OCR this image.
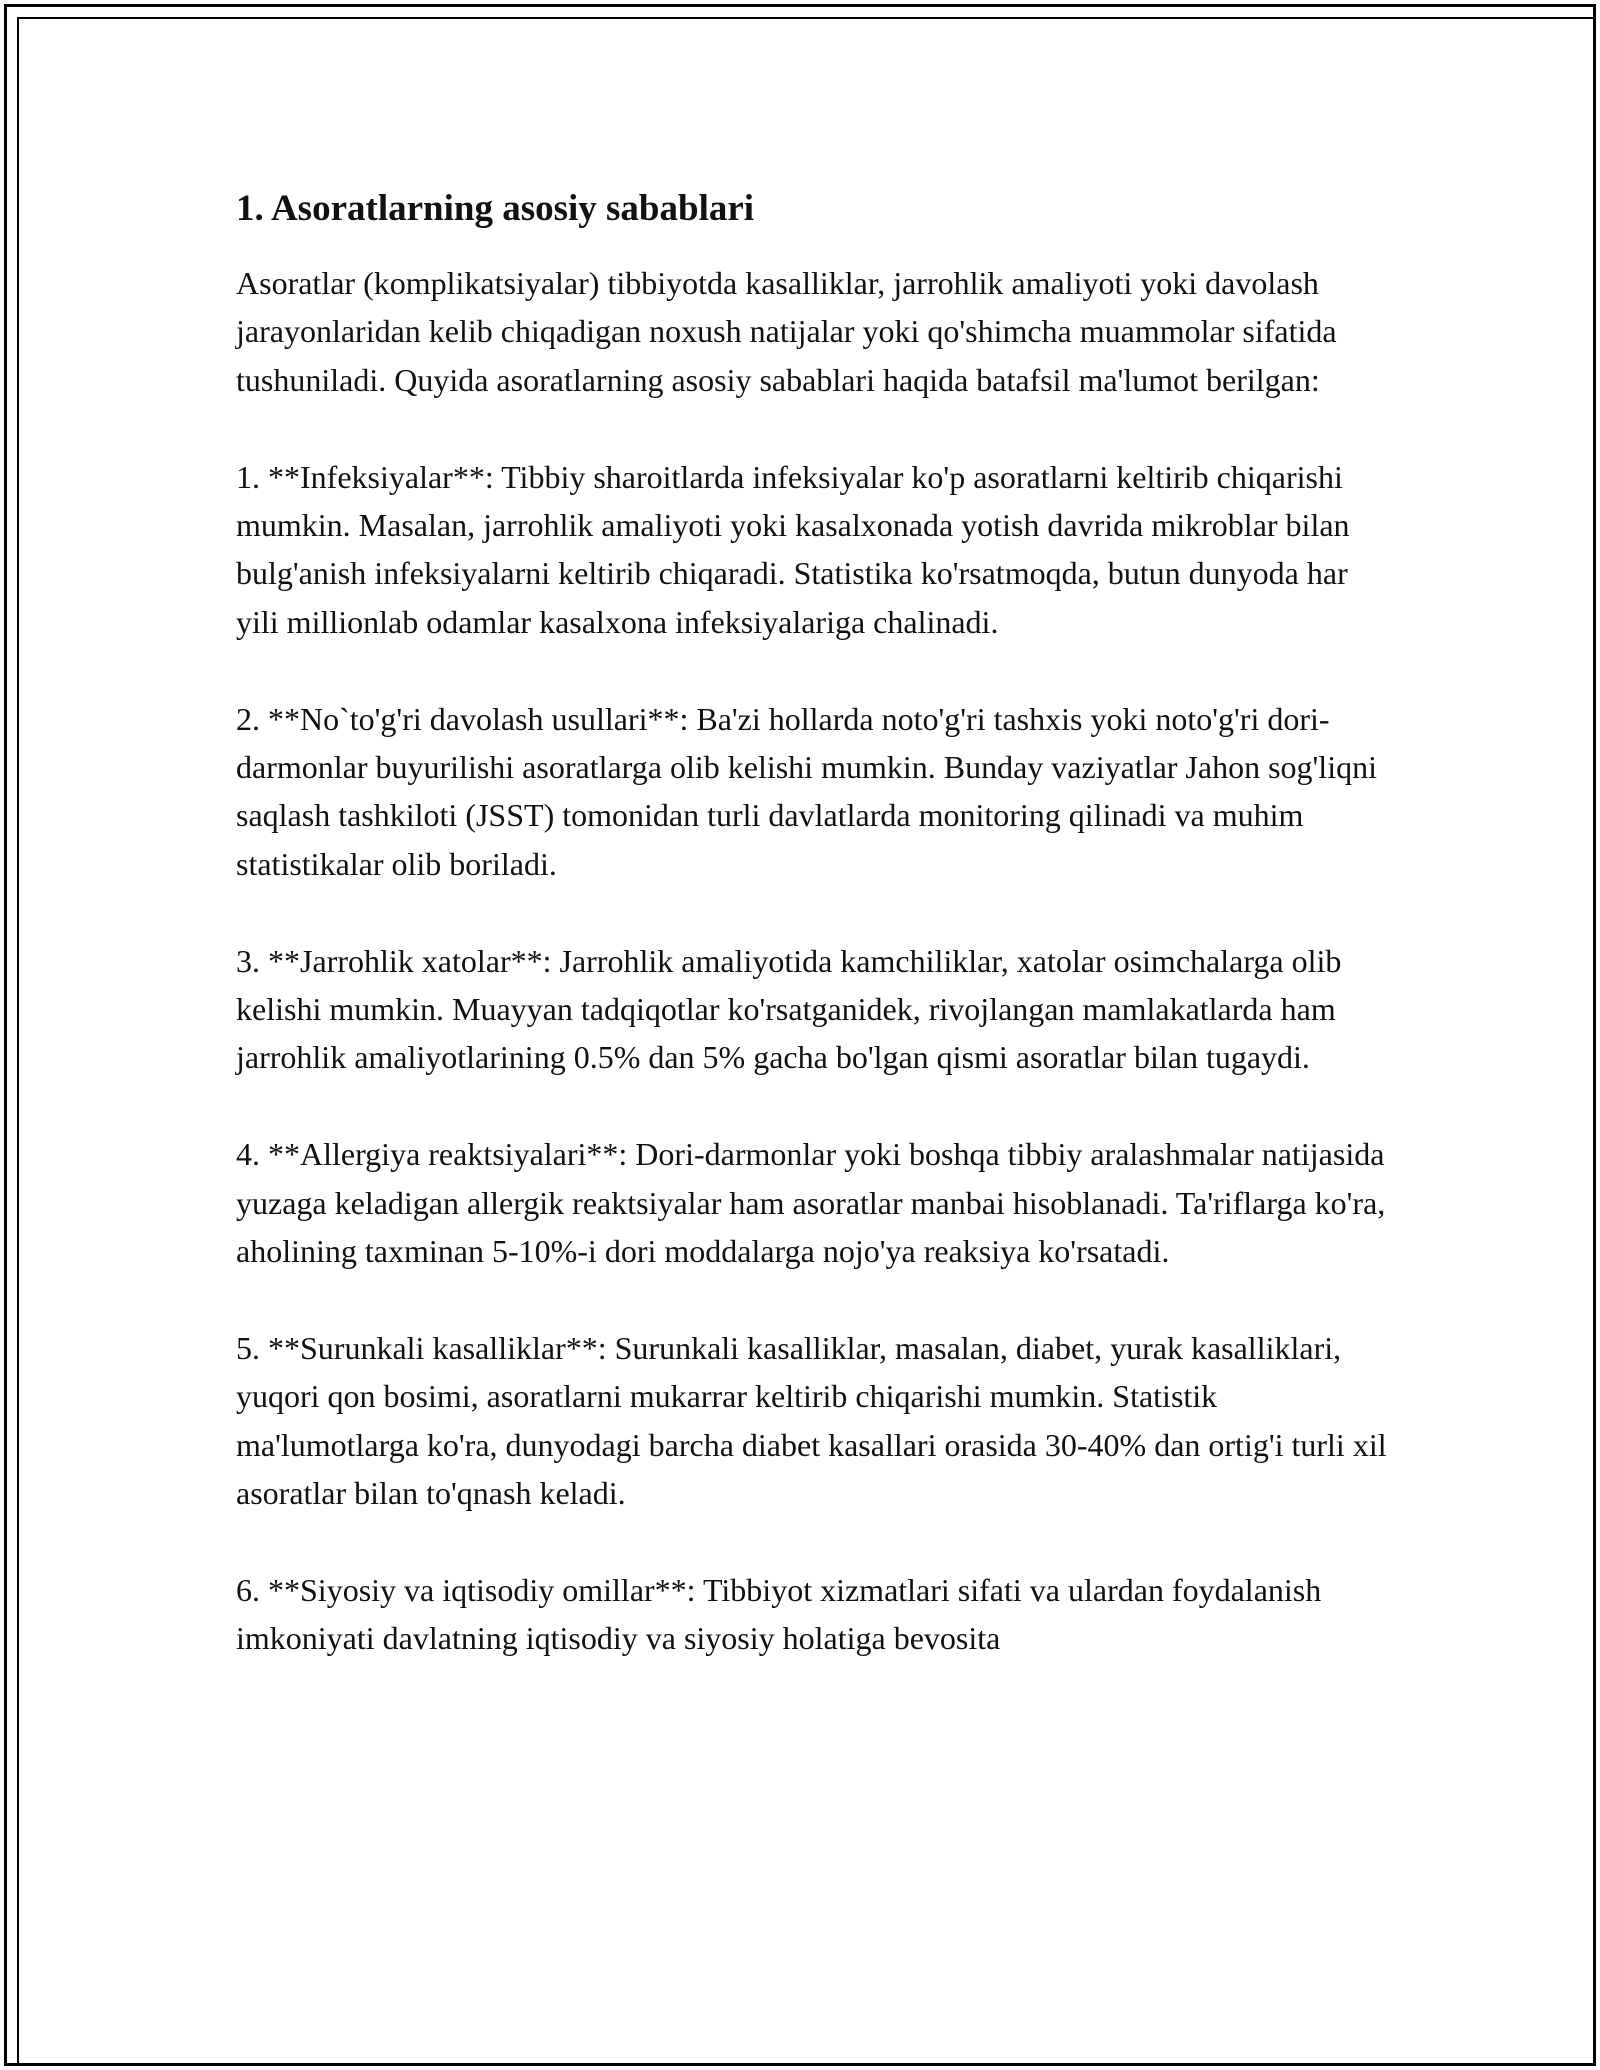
1. Asoratlarning asosiy sabablari

Asoratlar (komplikatsiyalar) tibbiyotda kasalliklar, jarrohlik amaliyoti yoki davolash jarayonlaridan kelib chiqadigan noxush natijalar yoki qo'shimcha muammolar sifatida tushuniladi. Quyida asoratlarning asosiy sabablari haqida batafsil ma'lumot berilgan:

1. **Infeksiyalar**: Tibbiy sharoitlarda infeksiyalar ko'p asoratlarni keltirib chiqarishi mumkin. Masalan, jarrohlik amaliyoti yoki kasalxonada yotish davrida mikroblar bilan bulg'anish infeksiyalarni keltirib chiqaradi. Statistika ko'rsatmoqda, butun dunyoda har yili millionlab odamlar kasalxona infeksiyalariga chalinadi.

2. **No`to'g'ri davolash usullari**: Ba'zi hollarda noto'g'ri tashxis yoki noto'g'ri dori-darmonlar buyurilishi asoratlarga olib kelishi mumkin. Bunday vaziyatlar Jahon sog'liqni saqlash tashkiloti (JSST) tomonidan turli davlatlarda monitoring qilinadi va muhim statistikalar olib boriladi.

3. **Jarrohlik xatolar**: Jarrohlik amaliyotida kamchiliklar, xatolar osimchalarga olib kelishi mumkin. Muayyan tadqiqotlar ko'rsatganidek, rivojlangan mamlakatlarda ham jarrohlik amaliyotlarining 0.5% dan 5% gacha bo'lgan qismi asoratlar bilan tugaydi.

4. **Allergiya reaktsiyalari**: Dori-darmonlar yoki boshqa tibbiy aralashmalar natijasida yuzaga keladigan allergik reaktsiyalar ham asoratlar manbai hisoblanadi. Ta'riflarga ko'ra, aholining taxminan 5-10%-i dori moddalarga nojo'ya reaksiya ko'rsatadi.

5. **Surunkali kasalliklar**: Surunkali kasalliklar, masalan, diabet, yurak kasalliklari, yuqori qon bosimi, asoratlarni mukarrar keltirib chiqarishi mumkin. Statistik ma'lumotlarga ko'ra, dunyodagi barcha diabet kasallari orasida 30-40% dan ortig'i turli xil asoratlar bilan to'qnash keladi.

6. **Siyosiy va iqtisodiy omillar**: Tibbiyot xizmatlari sifati va ulardan foydalanish imkoniyati davlatning iqtisodiy va siyosiy holatiga bevosita
